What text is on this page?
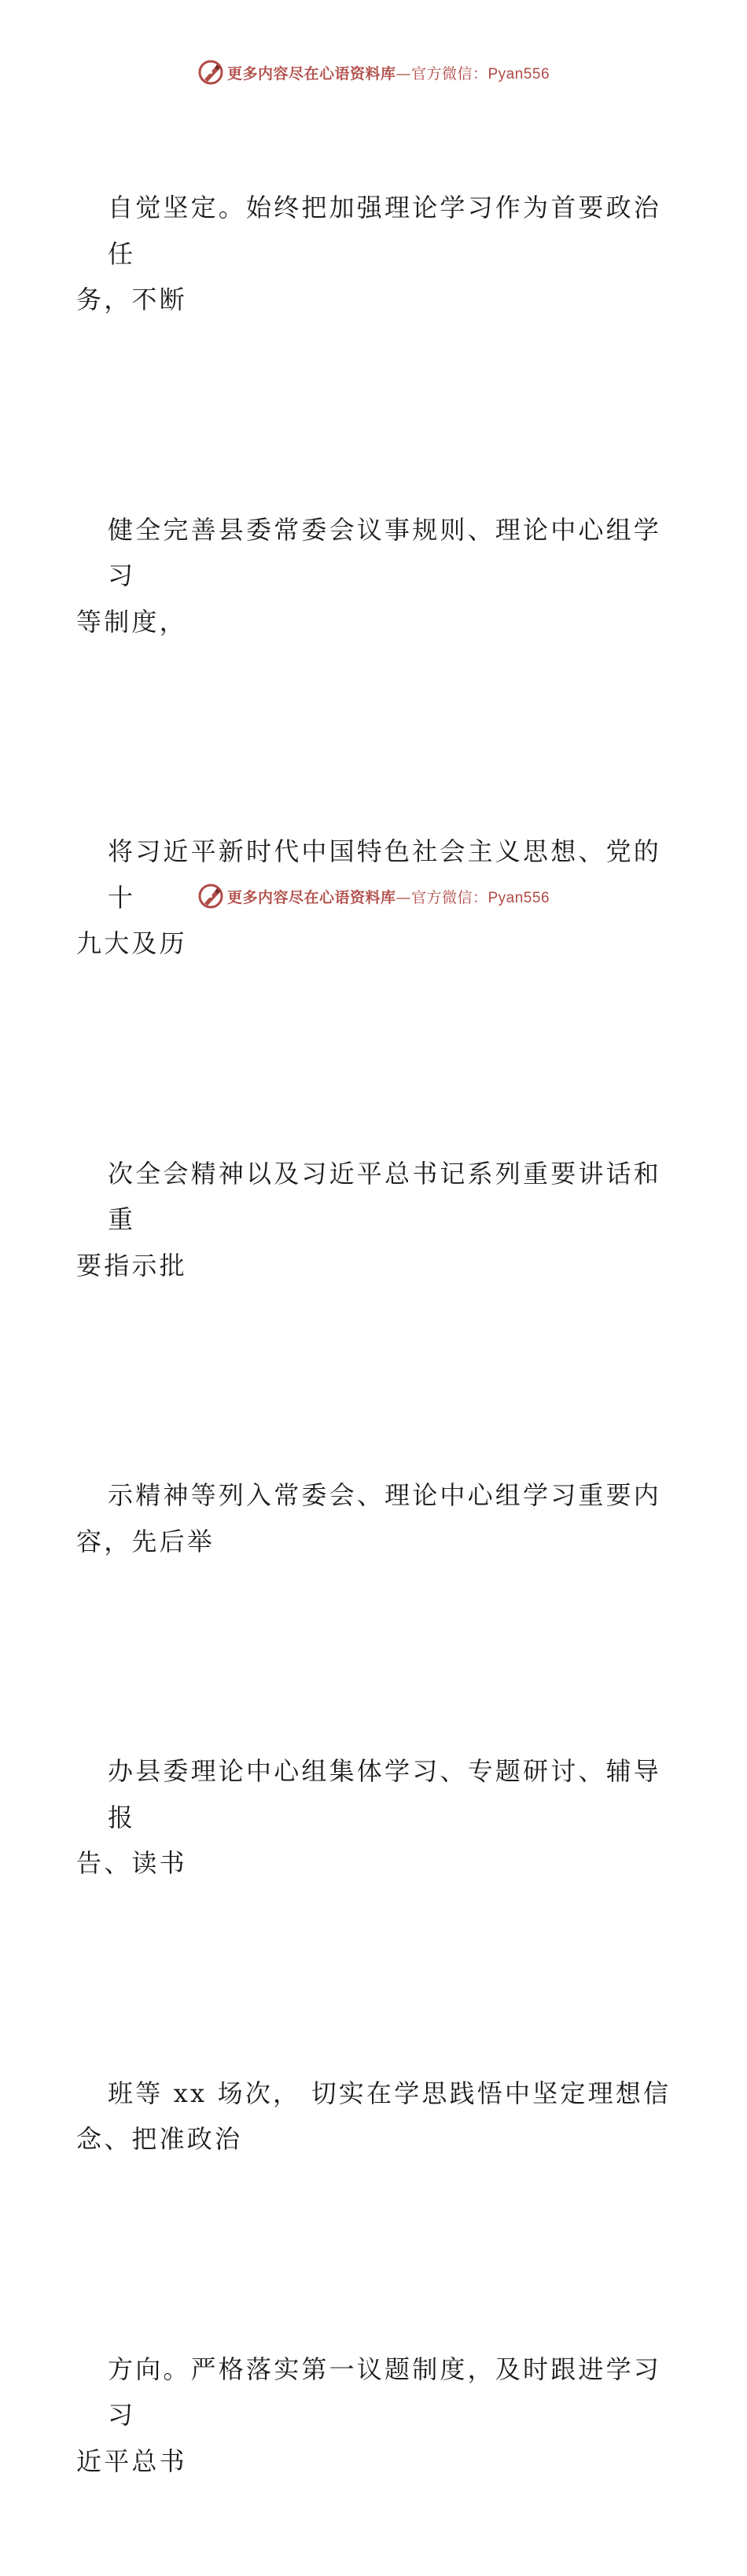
更多内容尽在心语资料库—官方微信：Pyan556

自觉坚定。始终把加强理论学习作为首要政治任
务，不断

健全完善县委常委会议事规则、理论中心组学习
等制度，

将习近平新时代中国特色社会主义思想、党的十
九大及历

次全会精神以及习近平总书记系列重要讲话和重
要指示批

示精神等列入常委会、理论中心组学习重要内
容，先后举

办县委理论中心组集体学习、专题研讨、辅导报
告、读书

班等 xx 场次， 切实在学思践悟中坚定理想信
念、把准政治

方向。严格落实第一议题制度，及时跟进学习习
近平总书

更多内容尽在心语资料库—官方微信：Pyan556
